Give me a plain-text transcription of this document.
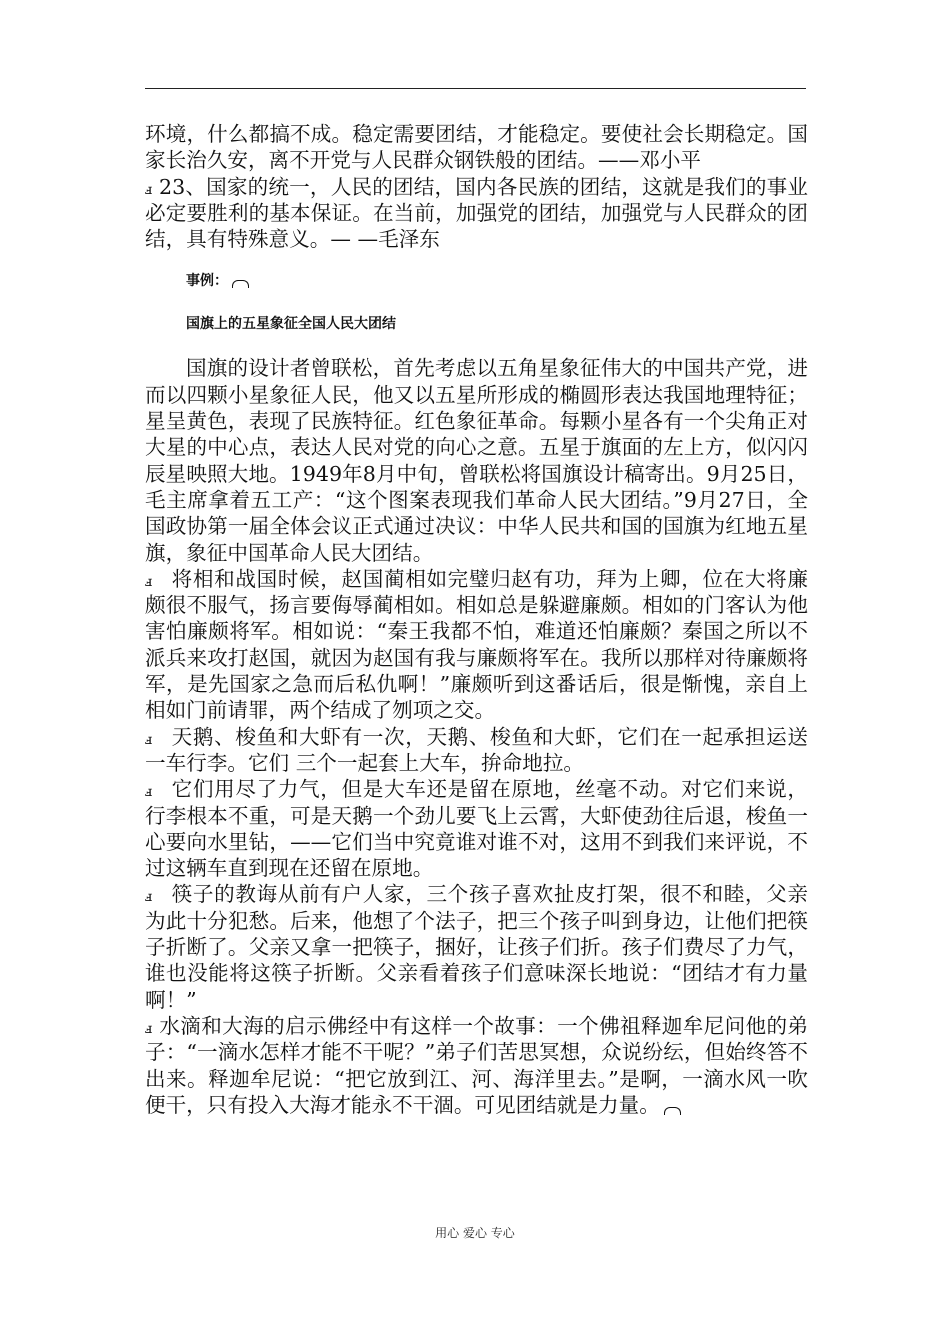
环境，什么都搞不成。稳定需要团结，才能稳定。要使社会长期稳定。国家长治久安，离不开党与人民群众钢铁般的团结。——邓小平

ⅎ 23、国家的统一，人民的团结，国内各民族的团结，这就是我们的事业必定要胜利的基本保证。在当前，加强党的团结，加强党与人民群众的团结，具有特殊意义。— —毛泽东

事例：

国旗上的五星象征全国人民大团结

国旗的设计者曾联松，首先考虑以五角星象征伟大的中国共产党，进而以四颗小星象征人民，他又以五星所形成的椭圆形表达我国地理特征；星呈黄色，表现了民族特征。红色象征革命。每颗小星各有一个尖角正对大星的中心点，表达人民对党的向心之意。五星于旗面的左上方，似闪闪辰星映照大地。1949年8月中旬，曾联松将国旗设计稿寄出。9月25日，毛主席拿着五工产：“这个图案表现我们革命人民大团结。”9月27日，全国政协第一届全体会议正式通过决议：中华人民共和国的国旗为红地五星旗，象征中国革命人民大团结。

ⅎ 将相和战国时候，赵国蔺相如完璧归赵有功，拜为上卿，位在大将廉颇很不服气，扬言要侮辱蔺相如。相如总是躲避廉颇。相如的门客认为他害怕廉颇将军。相如说：“秦王我都不怕，难道还怕廉颇？秦国之所以不派兵来攻打赵国，就因为赵国有我与廉颇将军在。我所以那样对待廉颇将军，是先国家之急而后私仇啊！”廉颇听到这番话后，很是惭愧，亲自上相如门前请罪，两个结成了刎项之交。

ⅎ 天鹅、梭鱼和大虾有一次，天鹅、梭鱼和大虾，它们在一起承担运送一车行李。它们 三个一起套上大车，拚命地拉。

ⅎ 它们用尽了力气，但是大车还是留在原地，丝毫不动。对它们来说，行李根本不重，可是天鹅一个劲儿要飞上云霄，大虾使劲往后退，梭鱼一心要向水里钻，——它们当中究竟谁对谁不对，这用不到我们来评说，不过这辆车直到现在还留在原地。

ⅎ 筷子的教诲从前有户人家，三个孩子喜欢扯皮打架，很不和睦，父亲为此十分犯愁。后来，他想了个法子，把三个孩子叫到身边，让他们把筷子折断了。父亲又拿一把筷子，捆好，让孩子们折。孩子们费尽了力气，谁也没能将这筷子折断。父亲看着孩子们意味深长地说：“团结才有力量啊！”

ⅎ 水滴和大海的启示佛经中有这样一个故事：一个佛祖释迦牟尼问他的弟子：“一滴水怎样才能不干呢？”弟子们苦思冥想，众说纷纭，但始终答不出来。释迦牟尼说：“把它放到江、河、海洋里去。”是啊，一滴水风一吹便干，只有投入大海才能永不干涸。可见团结就是力量。

用心 爱心 专心
